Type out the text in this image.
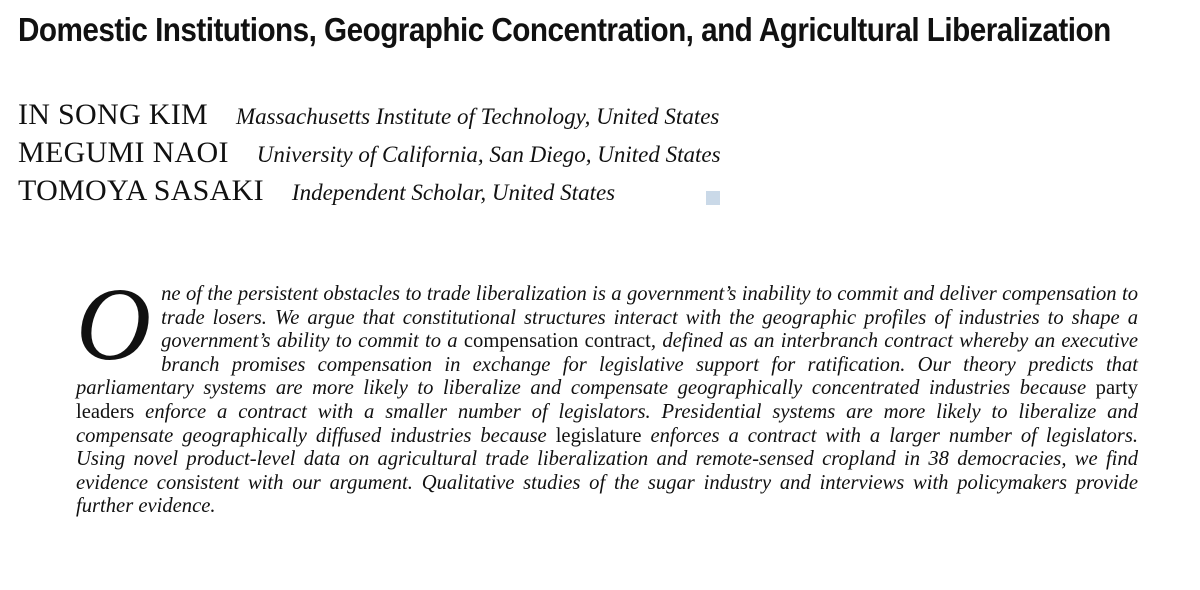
Domestic Institutions, Geographic Concentration, and Agricultural Liberalization
IN SONG KIM Massachusetts Institute of Technology, United States
MEGUMI NAOI University of California, San Diego, United States
TOMOYA SASAKI Independent Scholar, United States

One of the persistent obstacles to trade liberalization is a government’s inability to commit and deliver compensation to trade losers. We argue that constitutional structures interact with the geographic profiles of industries to shape a government’s ability to commit to a compensation contract, defined as an interbranch contract whereby an executive branch promises compensation in exchange for legislative support for ratification. Our theory predicts that parliamentary systems are more likely to liberalize and compensate geographically concentrated industries because party leaders enforce a contract with a smaller number of legislators. Presidential systems are more likely to liberalize and compensate geographically diffused industries because legislature enforces a contract with a larger number of legislators. Using novel product-level data on agricultural trade liberalization and remote-sensed cropland in 38 democracies, we find evidence consistent with our argument. Qualitative studies of the sugar industry and interviews with policymakers provide further evidence.
